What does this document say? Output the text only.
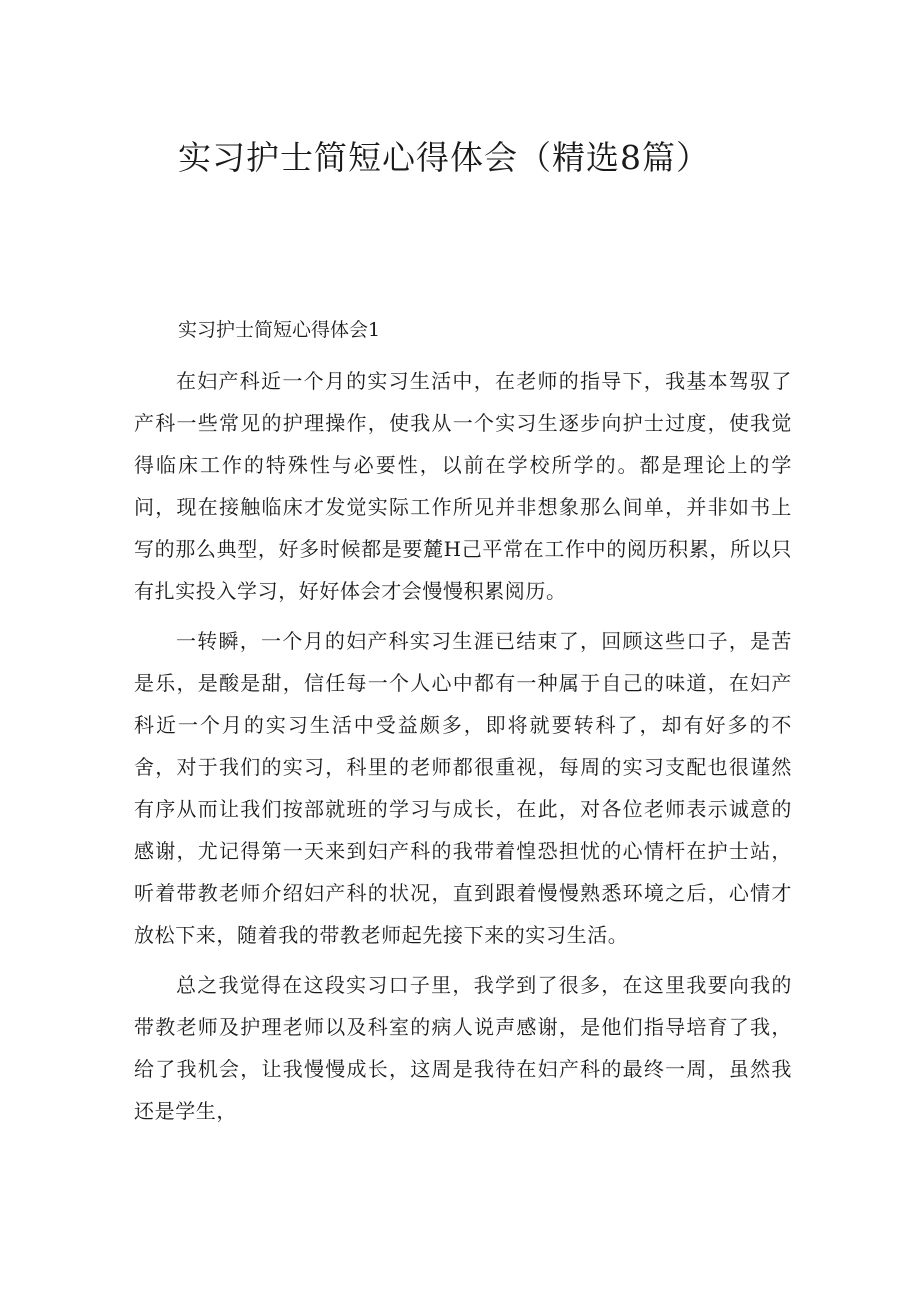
实习护士简短心得体会（精选8篇）
实习护士简短心得体会1

在妇产科近一个月的实习生活中，在老师的指导下，我基本驾驭了产科一些常见的护理操作，使我从一个实习生逐步向护士过度，使我觉得临床工作的特殊性与必要性，以前在学校所学的。都是理论上的学问，现在接触临床才发觉实际工作所见并非想象那么间单，并非如书上写的那么典型，好多时候都是要麓H己平常在工作中的阅历积累，所以只有扎实投入学习，好好体会才会慢慢积累阅历。

一转瞬，一个月的妇产科实习生涯已结束了，回顾这些口子，是苦是乐，是酸是甜，信任每一个人心中都有一种属于自己的味道，在妇产科近一个月的实习生活中受益颇多，即将就要转科了，却有好多的不舍，对于我们的实习，科里的老师都很重视，每周的实习支配也很谨然有序从而让我们按部就班的学习与成长，在此，对各位老师表示诚意的感谢，尤记得第一天来到妇产科的我带着惶恐担忧的心情杆在护士站，听着带教老师介绍妇产科的状况，直到跟着慢慢熟悉环境之后，心情才放松下来，随着我的带教老师起先接下来的实习生活。

总之我觉得在这段实习口子里，我学到了很多，在这里我要向我的带教老师及护理老师以及科室的病人说声感谢，是他们指导培育了我，给了我机会，让我慢慢成长，这周是我待在妇产科的最终一周，虽然我还是学生，
